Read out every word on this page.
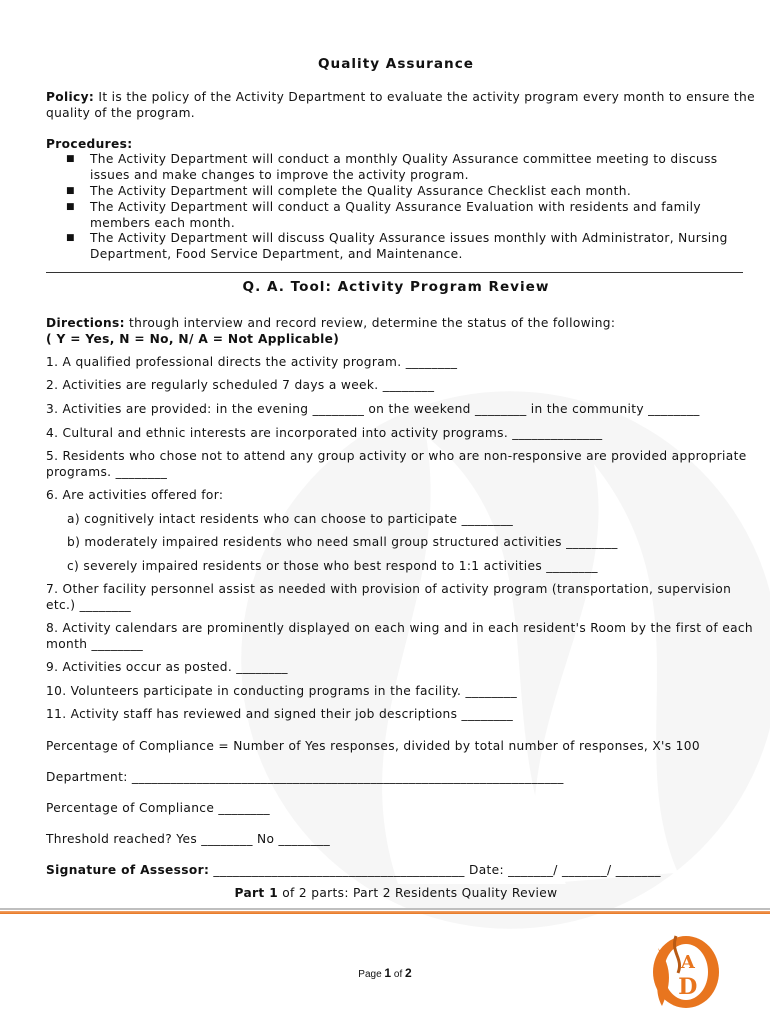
Quality Assurance
Policy: It is the policy of the Activity Department to evaluate the activity program every month to ensure the
quality of the program.
Procedures:
■ The Activity Department will conduct a monthly Quality Assurance committee meeting to discuss
issues and make changes to improve the activity program.
■ The Activity Department will complete the Quality Assurance Checklist each month.
■ The Activity Department will conduct a Quality Assurance Evaluation with residents and family
members each month.
■ The Activity Department will discuss Quality Assurance issues monthly with Administrator, Nursing
Department, Food Service Department, and Maintenance.
Q. A. Tool: Activity Program Review
Directions: through interview and record review, determine the status of the following:
( Y = Yes, N = No, N/ A = Not Applicable)
1. A qualified professional directs the activity program. ________
2. Activities are regularly scheduled 7 days a week. ________
3. Activities are provided: in the evening ________ on the weekend ________ in the community ________
4. Cultural and ethnic interests are incorporated into activity programs. ______________
5. Residents who chose not to attend any group activity or who are non-responsive are provided appropriate
programs. ________
6. Are activities offered for:
a) cognitively intact residents who can choose to participate ________
b) moderately impaired residents who need small group structured activities ________
c) severely impaired residents or those who best respond to 1:1 activities ________
7. Other facility personnel assist as needed with provision of activity program (transportation, supervision
etc.) ________
8. Activity calendars are prominently displayed on each wing and in each resident's Room by the first of each
month ________
9. Activities occur as posted. ________
10. Volunteers participate in conducting programs in the facility. ________
11. Activity staff has reviewed and signed their job descriptions ________
Percentage of Compliance = Number of Yes responses, divided by total number of responses, X's 100
Department: ___________________________________________________________________
Percentage of Compliance ________
Threshold reached? Yes ________ No ________
Signature of Assessor: _______________________________________ Date: _______/ _______/ _______
Part 1 of 2 parts: Part 2 Residents Quality Review
Page 1 of 2	A
D
